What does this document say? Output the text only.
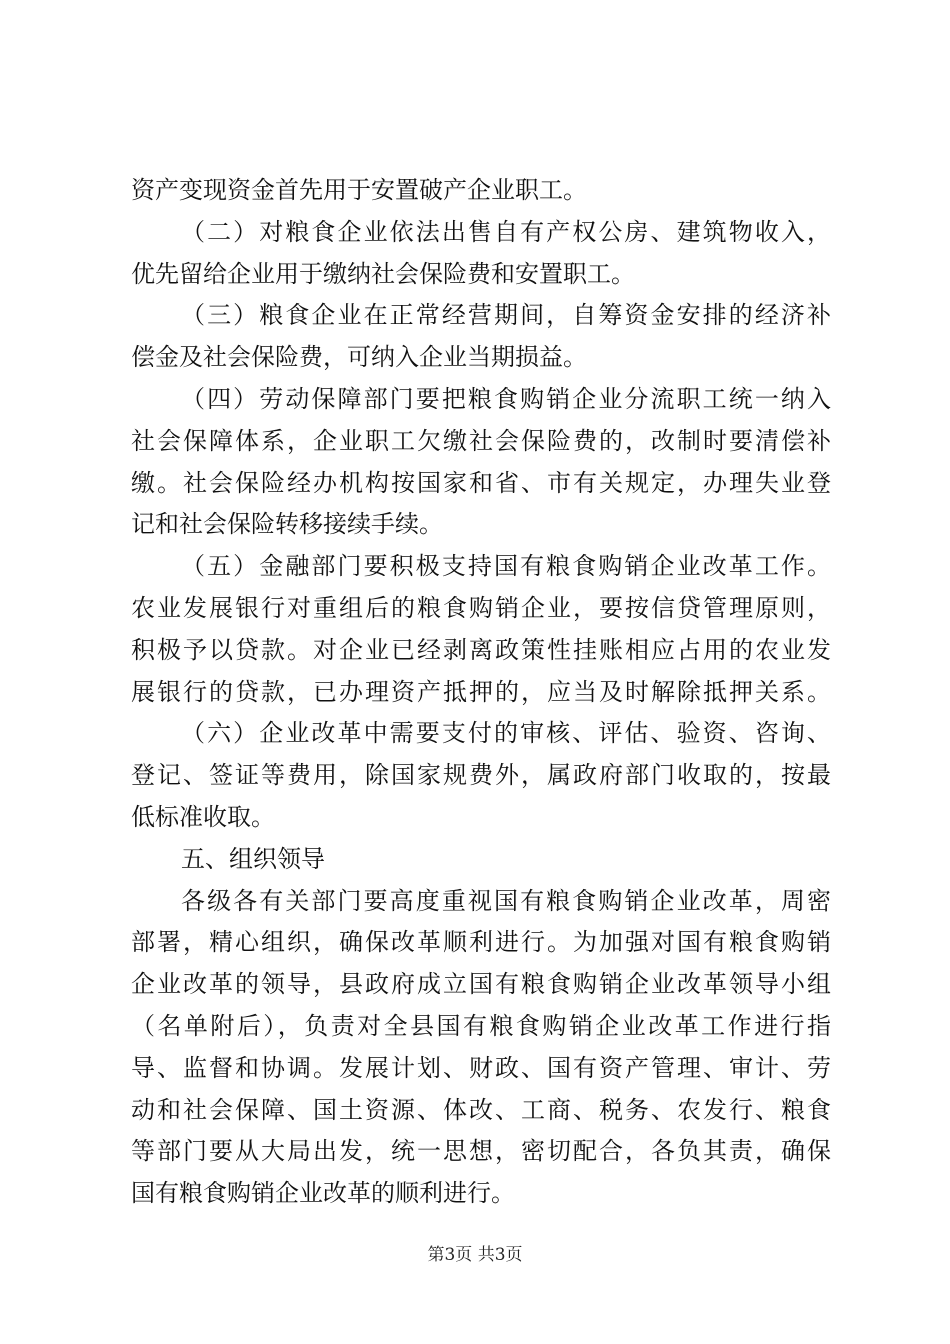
资产变现资金首先用于安置破产企业职工。
（二）对粮食企业依法出售自有产权公房、建筑物收入，
优先留给企业用于缴纳社会保险费和安置职工。
（三）粮食企业在正常经营期间，自筹资金安排的经济补
偿金及社会保险费，可纳入企业当期损益。
（四）劳动保障部门要把粮食购销企业分流职工统一纳入
社会保障体系，企业职工欠缴社会保险费的，改制时要清偿补
缴。社会保险经办机构按国家和省、市有关规定，办理失业登
记和社会保险转移接续手续。
（五）金融部门要积极支持国有粮食购销企业改革工作。
农业发展银行对重组后的粮食购销企业，要按信贷管理原则，
积极予以贷款。对企业已经剥离政策性挂账相应占用的农业发
展银行的贷款，已办理资产抵押的，应当及时解除抵押关系。
（六）企业改革中需要支付的审核、评估、验资、咨询、
登记、签证等费用，除国家规费外，属政府部门收取的，按最
低标准收取。
五、组织领导
各级各有关部门要高度重视国有粮食购销企业改革，周密
部署，精心组织，确保改革顺利进行。为加强对国有粮食购销
企业改革的领导，县政府成立国有粮食购销企业改革领导小组
（名单附后），负责对全县国有粮食购销企业改革工作进行指
导、监督和协调。发展计划、财政、国有资产管理、审计、劳
动和社会保障、国土资源、体改、工商、税务、农发行、粮食
等部门要从大局出发，统一思想，密切配合，各负其责，确保
国有粮食购销企业改革的顺利进行。
第3页 共3页
